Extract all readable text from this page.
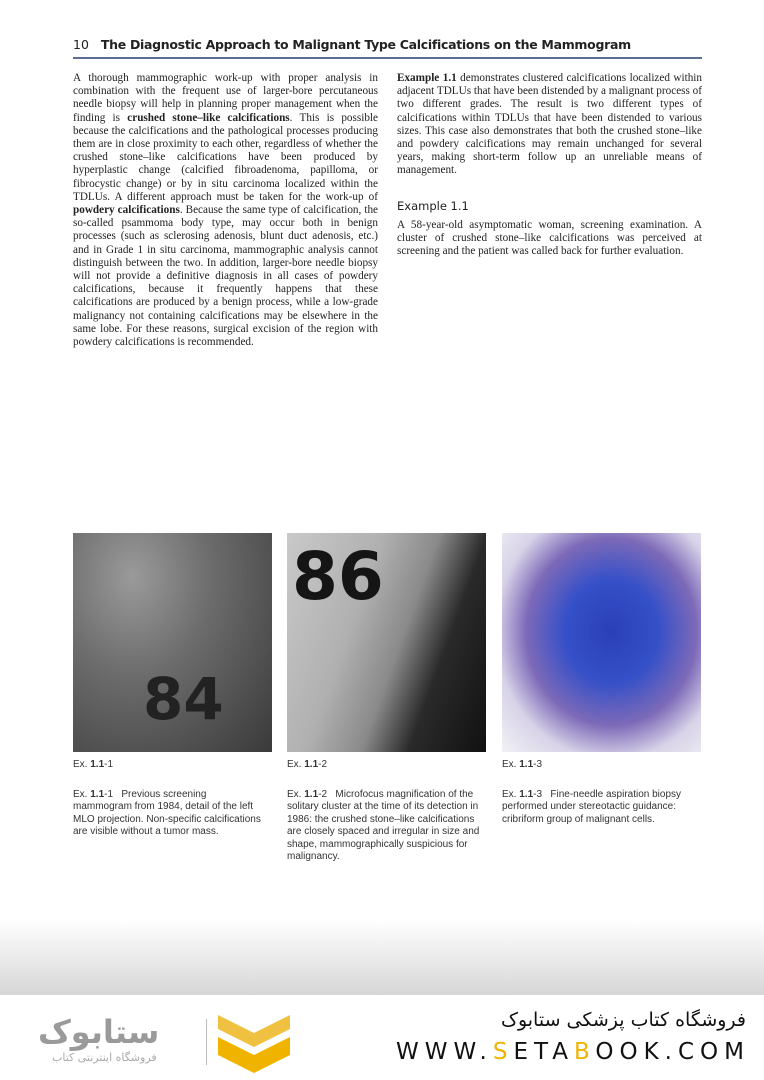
10 The Diagnostic Approach to Malignant Type Calcifications on the Mammogram

A thorough mammographic work-up with proper analysis in combination with the frequent use of larger-bore percutaneous needle biopsy will help in planning proper management when the finding is crushed stone–like calcifications. This is possible because the calcifications and the pathological processes producing them are in close proximity to each other, regardless of whether the crushed stone–like calcifications have been produced by hyperplastic change (calcified fibroadenoma, papilloma, or fibrocystic change) or by in situ carcinoma localized within the TDLUs. A different approach must be taken for the work-up of powdery calcifications. Because the same type of calcification, the so-called psammoma body type, may occur both in benign processes (such as sclerosing adenosis, blunt duct adenosis, etc.) and in Grade 1 in situ carcinoma, mammographic analysis cannot distinguish between the two. In addition, larger-bore needle biopsy will not provide a definitive diagnosis in all cases of powdery calcifications, because it frequently happens that these calcifications are produced by a benign process, while a low-grade malignancy not containing calcifications may be elsewhere in the same lobe. For these reasons, surgical excision of the region with powdery calcifications is recommended.

Example 1.1 demonstrates clustered calcifications localized within adjacent TDLUs that have been distended by a malignant process of two different grades. The result is two different types of calcifications within TDLUs that have been distended to various sizes. This case also demonstrates that both the crushed stone–like and powdery calcifications may remain unchanged for several years, making short-term follow up an unreliable means of management.

Example 1.1

A 58-year-old asymptomatic woman, screening examination. A cluster of crushed stone–like calcifications was perceived at screening and the patient was called back for further evaluation.

84
86
Ex. 1.1-1	Ex. 1.1-2	Ex. 1.1-3
Ex. 1.1-1 Previous screening mammogram from 1984, detail of the left MLO projection. Non-specific calcifications are visible without a tumor mass.
Ex. 1.1-2 Microfocus magnification of the solitary cluster at the time of its detection in 1986: the crushed stone–like calcifications are closely spaced and irregular in size and shape, mammographically suspicious for malignancy.
Ex. 1.1-3 Fine-needle aspiration biopsy performed under stereotactic guidance: cribriform group of malignant cells.
ستابوک
فروشگاه اینترنتی کتاب
فروشگاه کتاب پزشکی ستابوک
WWW.SETABOOK.COM
